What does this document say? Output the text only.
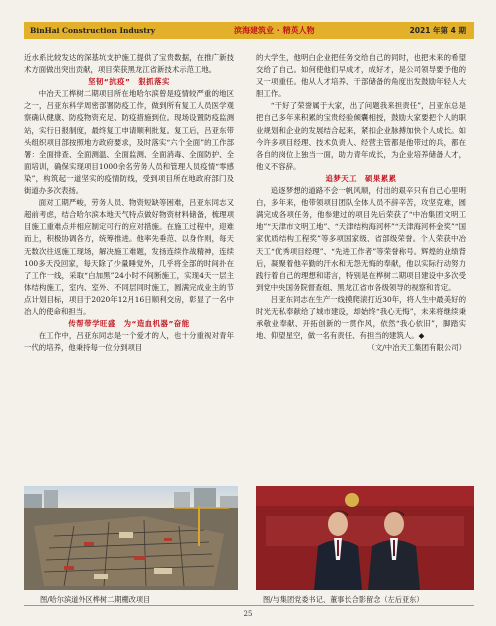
BinHai Construction Industry	滨海建筑业 · 精英人物	2021 年第 4 期

近水系比较发达的深基坑支护施工提供了宝贵数据，在推广新技术方面做出突出贡献，项目荣获黑龙江省新技术示范工地。

坚韧“抗疫”　狠抓落实

中冶天工桦树二期项目所在地哈尔滨曾是疫情较严重的地区之一，吕亚东科学周密部署防疫工作，做到所有复工人员医学观察确认健康、防疫物资充足、防疫措施到位。现场设置防疫监测站，实行日报制度，最终复工申请顺利批复。复工后，吕亚东带头组织项目部按照地方政府要求，及时落实“六个全面”的工作部署：全面排查、全面测温、全面监测、全面消毒、全面防护、全面培训，确保实现项目1000余名劳务人员和管理人员疫情“零感染”，构筑起一道坚实的疫情防线，受到项目所在地政府部门及街道办多次表扬。

面对工期严峻，劳务人员、物资短缺等困难，吕亚东同志又超前考虑，结合哈尔滨本地天气特点做好物资材料储备，梳理项目施工重难点并相应制定可行的应对措施。在施工过程中，迎难而上，积极协调各方，统筹推进。他率先垂范、以身作则，每天无数次往返施工现场，解决施工难题，发扬连续作战精神，连续100多天没回家，每天除了少量睡觉外，几乎将全部的时间扑在了工作一线，采取“白加黑”24小时不间断施工，实现4天一层主体结构施工，室内、室外、不同层同时施工，圆满完成业主的节点计划目标，项目于2020年12月16日顺利交房，彰显了一名中冶人的使命和担当。

传帮带学旺盛　为“造血机器”奋能

在工作中，吕亚东同志是一个爱才的人，也十分重视对青年一代的培养，他秉持每一位分到项目

的大学生，他明白企业把任务交给自己的同时，也把未来的希望交给了自己。如何使他们早成才，成好才，是公司领导要予他的又一项重任。他从人才培养、干部储备的角度出发鼓励年轻人大胆工作。

“干好了荣誉属于大家，出了问题我来担责任”，吕亚东总是把自己多年来积累的宝贵经验倾囊相授，鼓励大家要把个人的职业规划和企业的发展结合起来，紧扣企业脉搏加快个人成长。如今许多项目经理、技术负责人、经营主管都是他带过的兵，都在各自的岗位上独当一面，助力青年成长，为企业培养储备人才，他义不容辞。

追梦天工　硕果累累

追逐梦想的道路不会一帆风顺，付出的艰辛只有自己心里明白，多年来，他带领项目团队全体人员不辞辛苦，攻坚克难，圆满完成各项任务，他参建过的项目先后荣获了“中冶集团文明工地”“天津市文明工地”、“天津结构海河杯”“天津海河杯金奖”“国家优质结构工程奖”等多项国家级、省部级荣誉。个人荣获中冶天工“优秀项目经理”、“先进工作者”等荣誉称号。辉煌的业绩背后，凝聚着他辛勤的汗水和无怨无悔的奉献，他以实际行动努力践行着自己的理想和诺言，特别是在桦树二期项目建设中多次受到党中央国务院督查组、黑龙江省市各级领导的视察和肯定。

吕亚东同志在生产一线摸爬滚打近30年，将人生中最美好的时光无私奉献给了城市建设，却始终“我心无悔”，未来将继续秉承敬业奉献、开拓创新的一贯作风，依然“我心依旧”，脚踏实地、仰望星空，做一名有责任、有担当的建筑人。◆

（文/中冶天工集团有限公司）

图/哈尔滨道外区桦树二期棚改项目	图/与集团党委书记、董事长合影留念（左后亚东）
25
